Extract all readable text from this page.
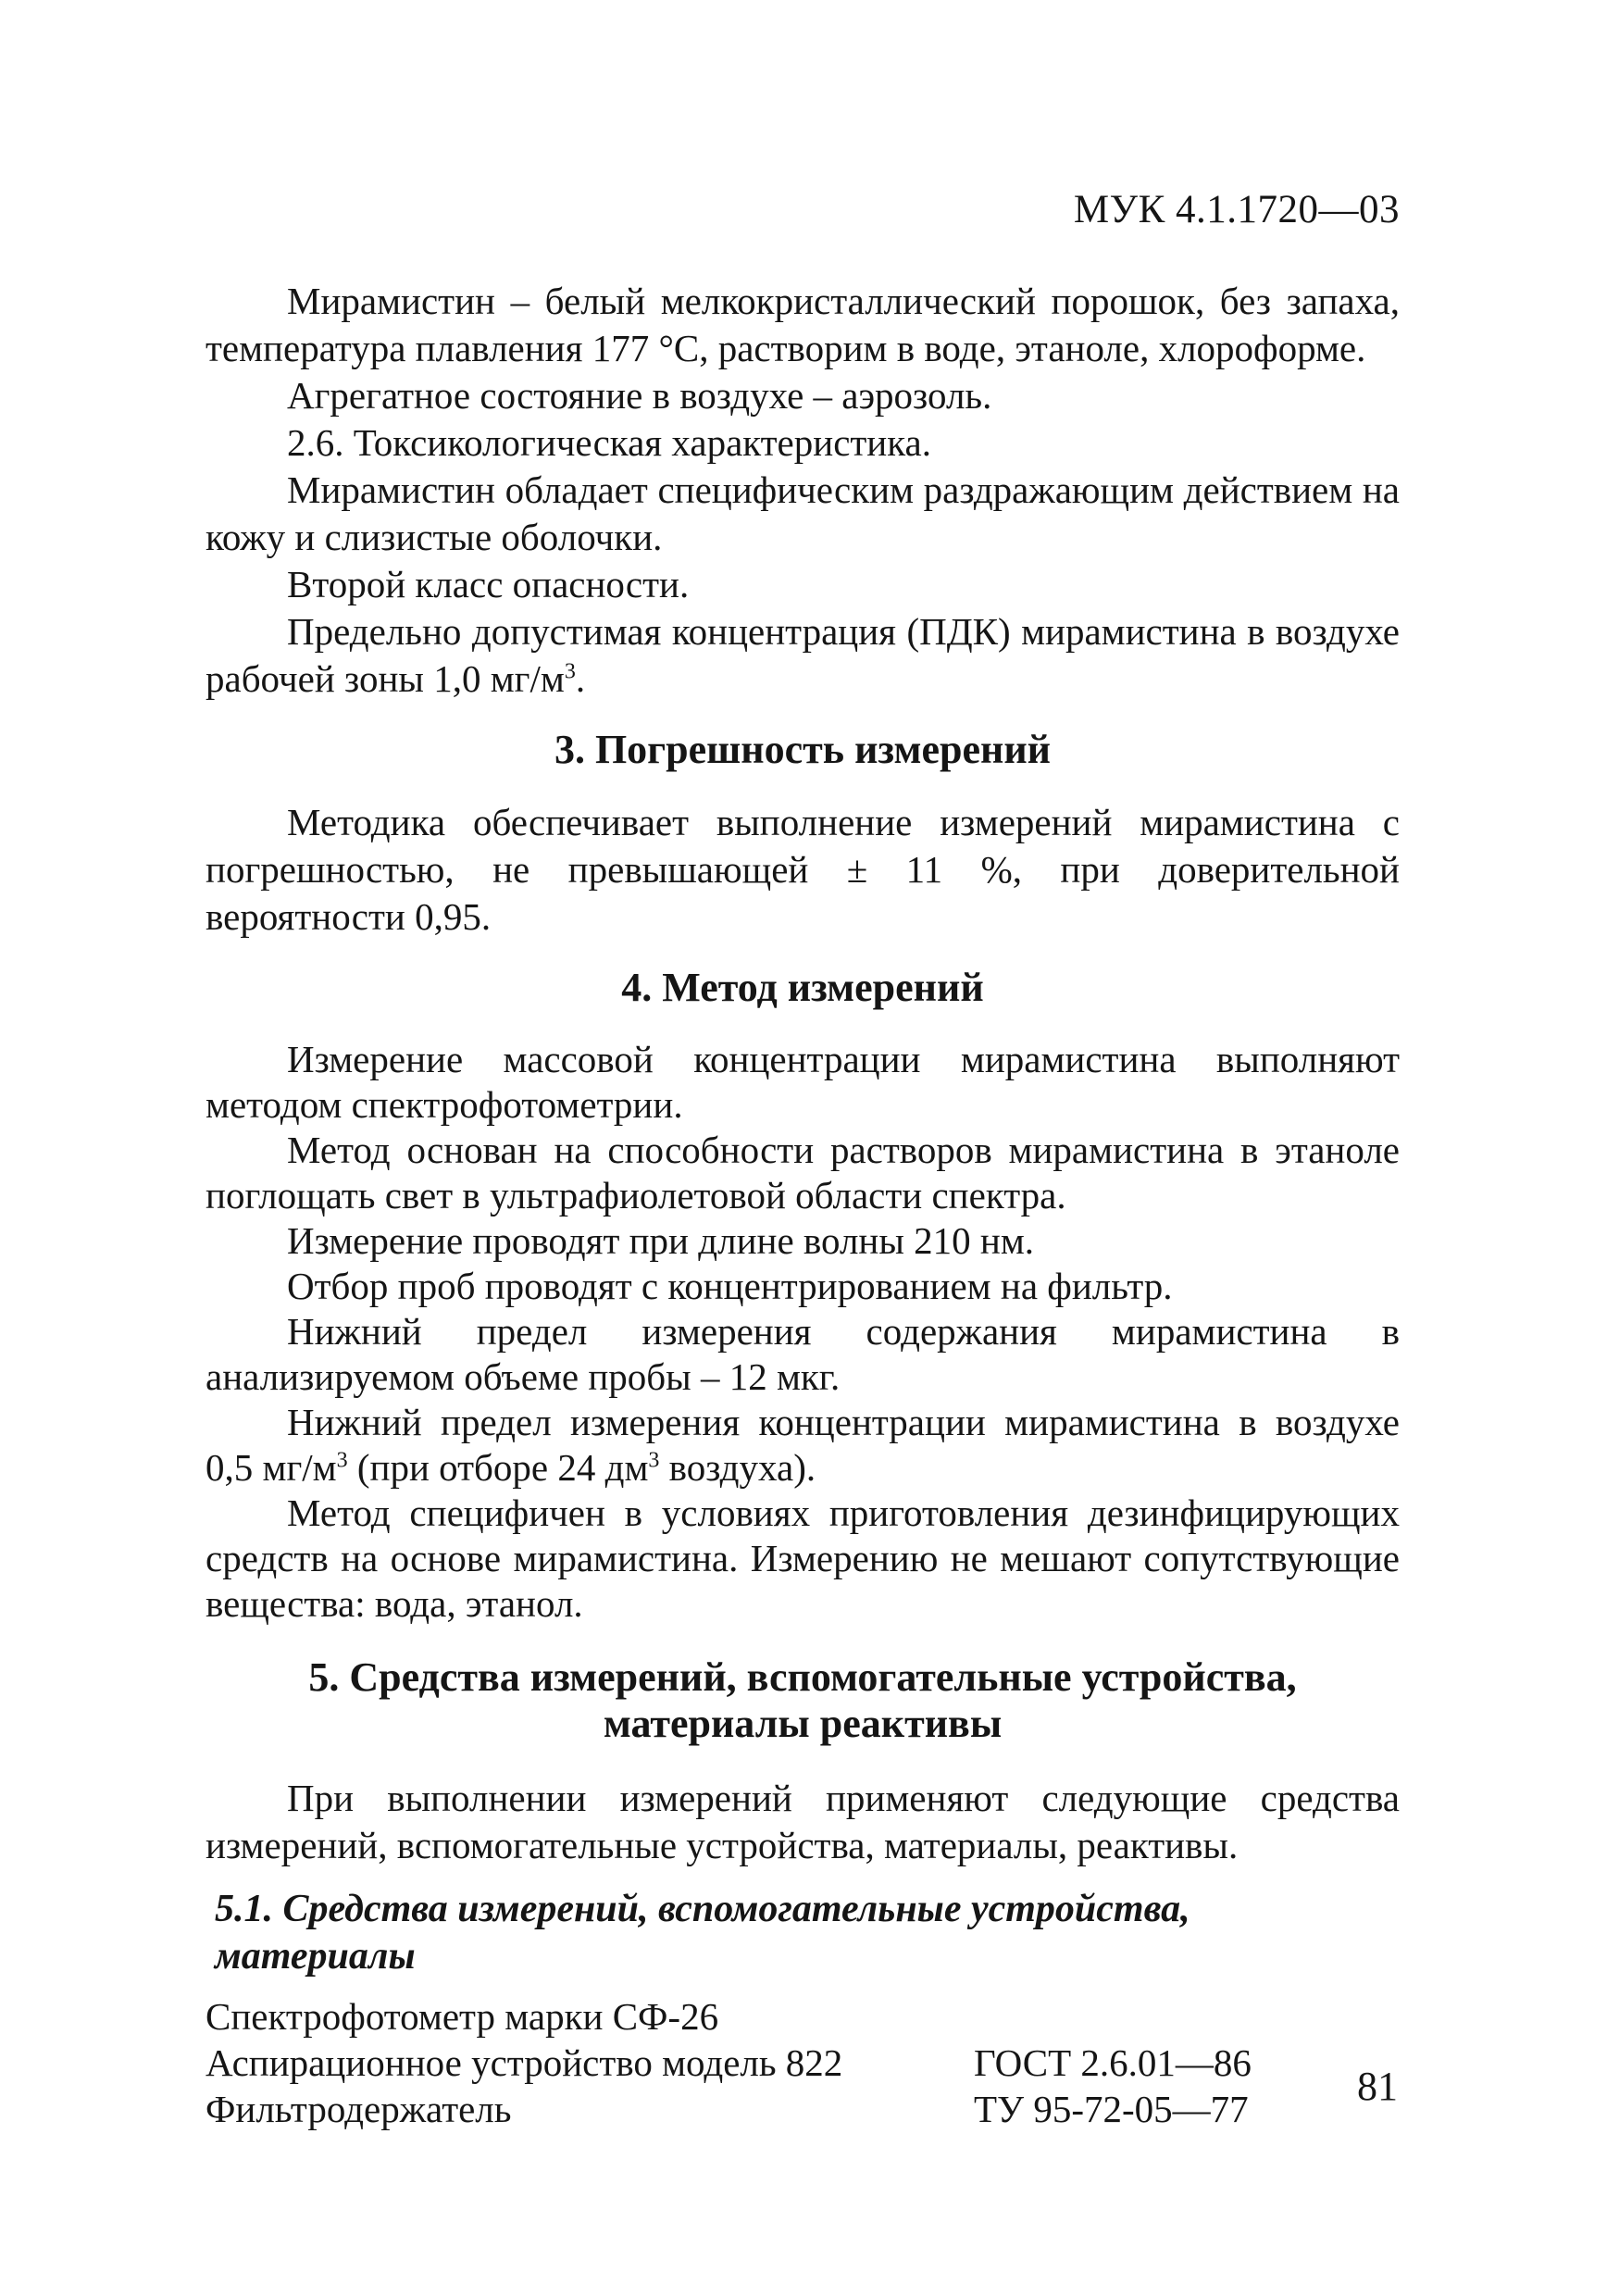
МУК 4.1.1720—03

Мирамистин – белый мелкокристаллический порошок, без запаха, температура плавления 177 °С, растворим в воде, этаноле, хлороформе.

Агрегатное состояние в воздухе – аэрозоль.

2.6. Токсикологическая характеристика.

Мирамистин обладает специфическим раздражающим действием на кожу и слизистые оболочки.

Второй класс опасности.

Предельно допустимая концентрация (ПДК) мирамистина в воздухе рабочей зоны 1,0 $мг/м^3$.

3. Погрешность измерений

Методика обеспечивает выполнение измерений мирамистина с погрешностью, не превышающей ± 11 %, при доверительной вероятности 0,95.

4. Метод измерений

Измерение массовой концентрации мирамистина выполняют методом спектрофотометрии.

Метод основан на способности растворов мирамистина в этаноле поглощать свет в ультрафиолетовой области спектра.

Измерение проводят при длине волны 210 нм.

Отбор проб проводят с концентрированием на фильтр.

Нижний предел измерения содержания мирамистина в анализируемом объеме пробы – 12 мкг.

Нижний предел измерения концентрации мирамистина в воздухе 0,5 $мг/м^3$ (при отборе 24 $дм^3$ воздуха).

Метод специфичен в условиях приготовления дезинфицирующих средств на основе мирамистина. Измерению не мешают сопутствующие вещества: вода, этанол.

5. Средства измерений, вспомогательные устройства,
материалы реактивы

При выполнении измерений применяют следующие средства измерений, вспомогательные устройства, материалы, реактивы.

5.1. Средства измерений, вспомогательные устройства, материалы
Спектрофотометр марки СФ-26
Аспирационное устройство модель 822	ГОСТ 2.6.01—86
Фильтродержатель	ТУ 95-72-05—77	81
